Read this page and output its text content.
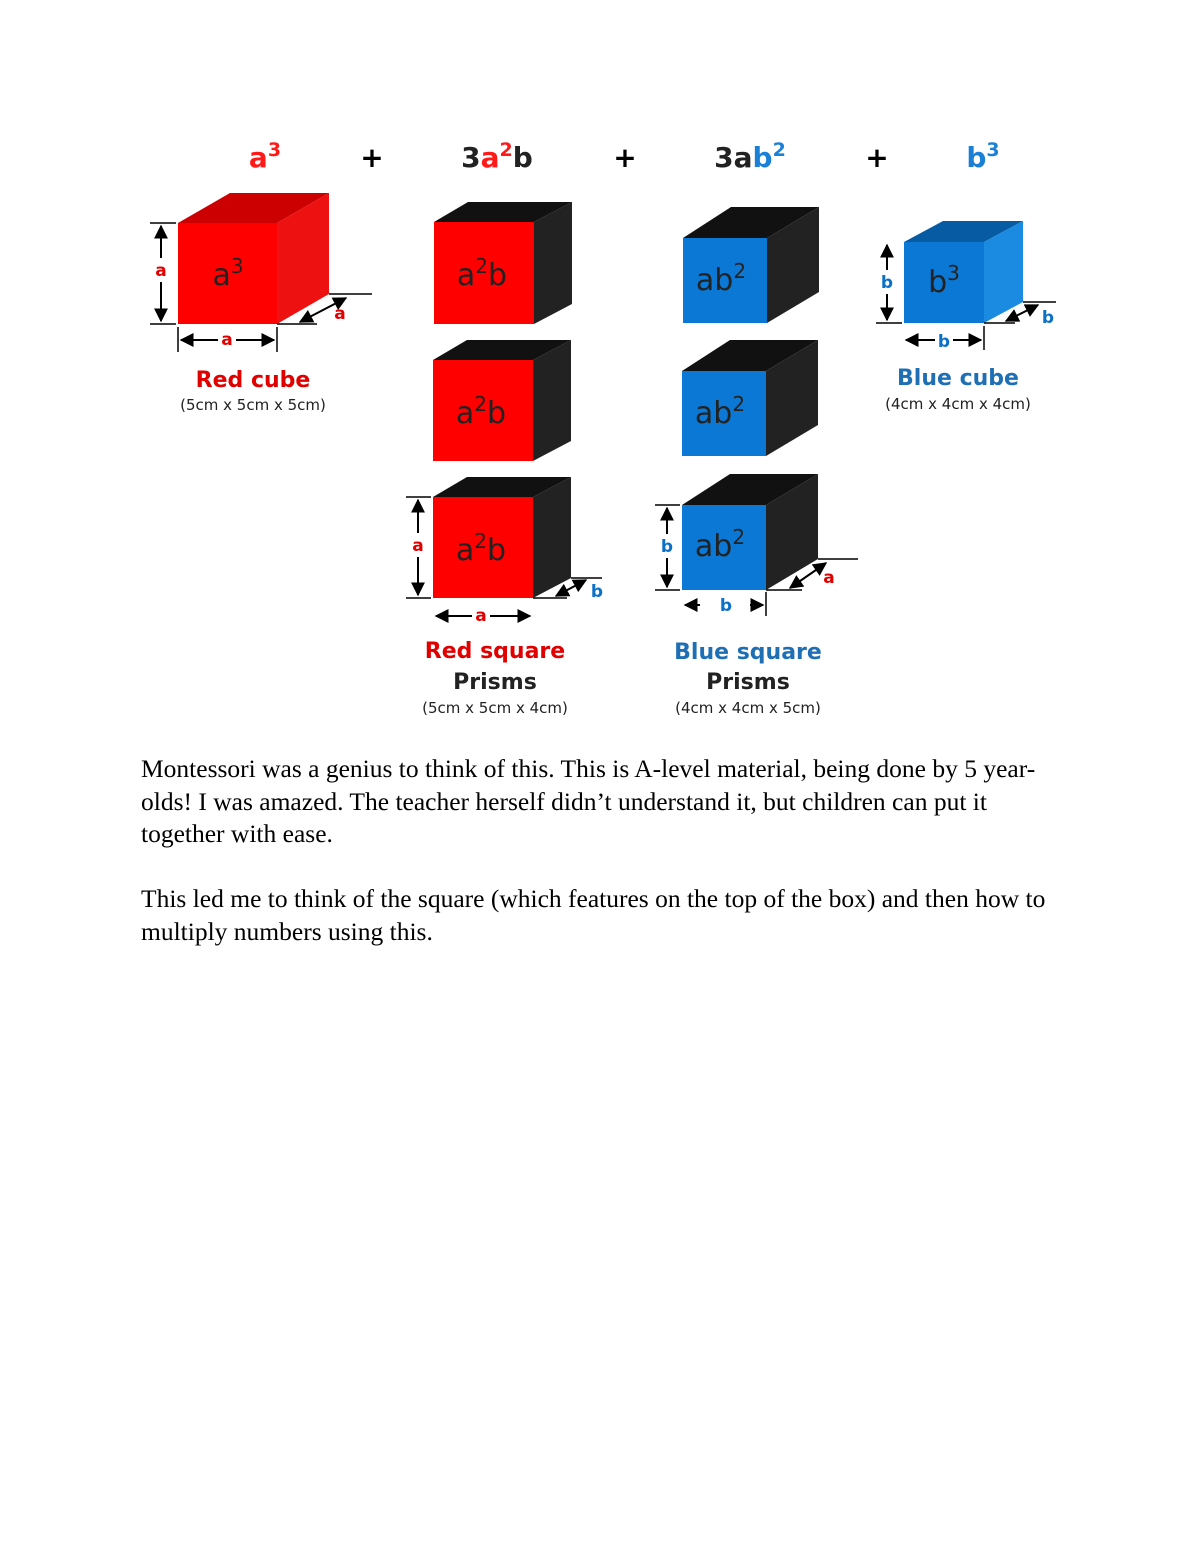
$a^3$	+	$3a^2b$	+	$3ab^2$	+	$b^3$
$a^3$
a
a
a
$a^2b$
$a^2b$
$a^2b$
a
a
b
$ab^2$
$ab^2$
$ab^2$
b
b
a
$b^3$
b
b
b
Red cube
(5cm x 5cm x 5cm)
Blue cube
(4cm x 4cm x 4cm)
Red square
Prisms
(5cm x 5cm x 4cm)
Blue square
Prisms
(4cm x 4cm x 5cm)

Montessori was a genius to think of this. This is A-level material, being done by 5 year-olds! I was amazed. The teacher herself didn’t understand it, but children can put it together with ease.

This led me to think of the square (which features on the top of the box) and then how to multiply numbers using this.
